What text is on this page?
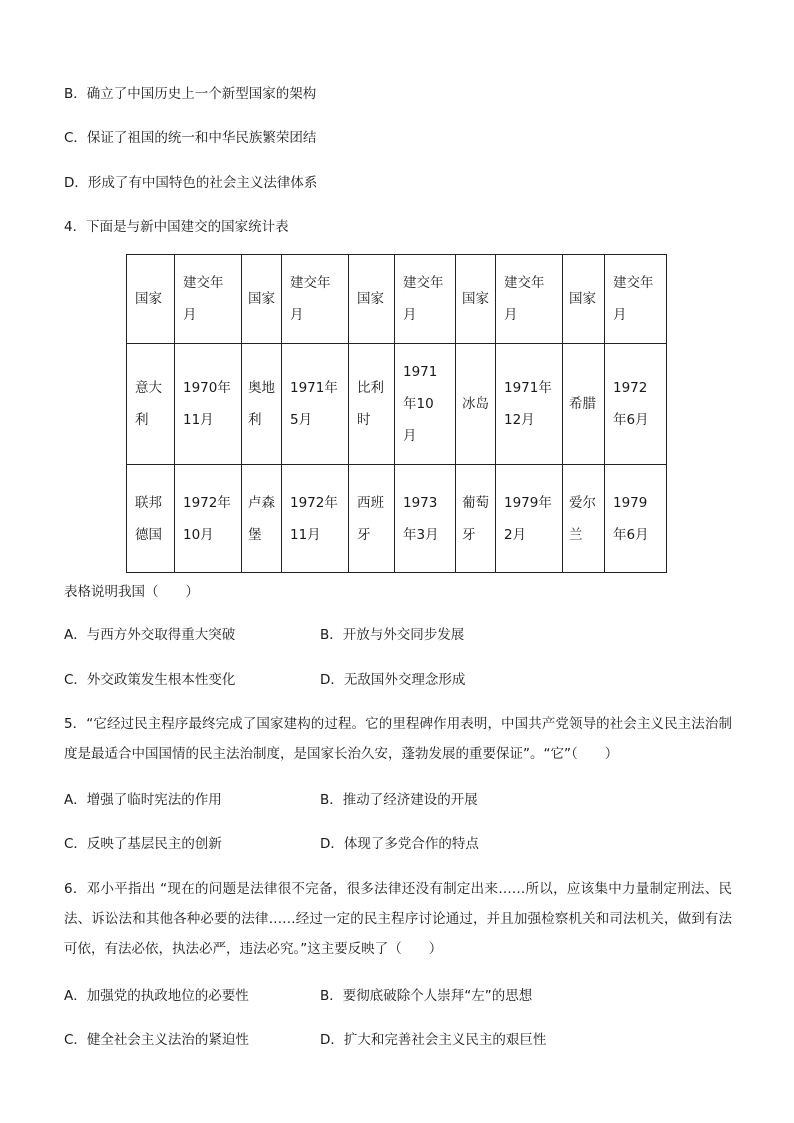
B．确立了中国历史上一个新型国家的架构
C．保证了祖国的统一和中华民族繁荣团结
D．形成了有中国特色的社会主义法律体系
4．下面是与新中国建交的国家统计表
国家	建交年月	国家	建交年月	国家	建交年月	国家	建交年月	国家	建交年月
意大利	1970年11月	奥地利	1971年5月	比利时	1971年10月	冰岛	1971年12月	希腊	1972年6月
联邦德国	1972年10月	卢森堡	1972年11月	西班牙	1973年3月	葡萄牙	1979年2月	爱尔兰	1979年6月
表格说明我国（　　）
A．与西方外交取得重大突破	B．开放与外交同步发展
C．外交政策发生根本性变化	D．无敌国外交理念形成
5．“它经过民主程序最终完成了国家建构的过程。它的里程碑作用表明，中国共产党领导的社会主义民主法治制度是最适合中国国情的民主法治制度，是国家长治久安，蓬勃发展的重要保证”。“它”（　　）
A．增强了临时宪法的作用	B．推动了经济建设的开展
C．反映了基层民主的创新	D．体现了多党合作的特点
6．邓小平指出 “现在的问题是法律很不完备，很多法律还没有制定出来……所以，应该集中力量制定刑法、民法、诉讼法和其他各种必要的法律……经过一定的民主程序讨论通过，并且加强检察机关和司法机关，做到有法可依，有法必依，执法必严，违法必究。”这主要反映了（　　）
A．加强党的执政地位的必要性	B．要彻底破除个人崇拜“左”的思想
C．健全社会主义法治的紧迫性	D．扩大和完善社会主义民主的艰巨性
